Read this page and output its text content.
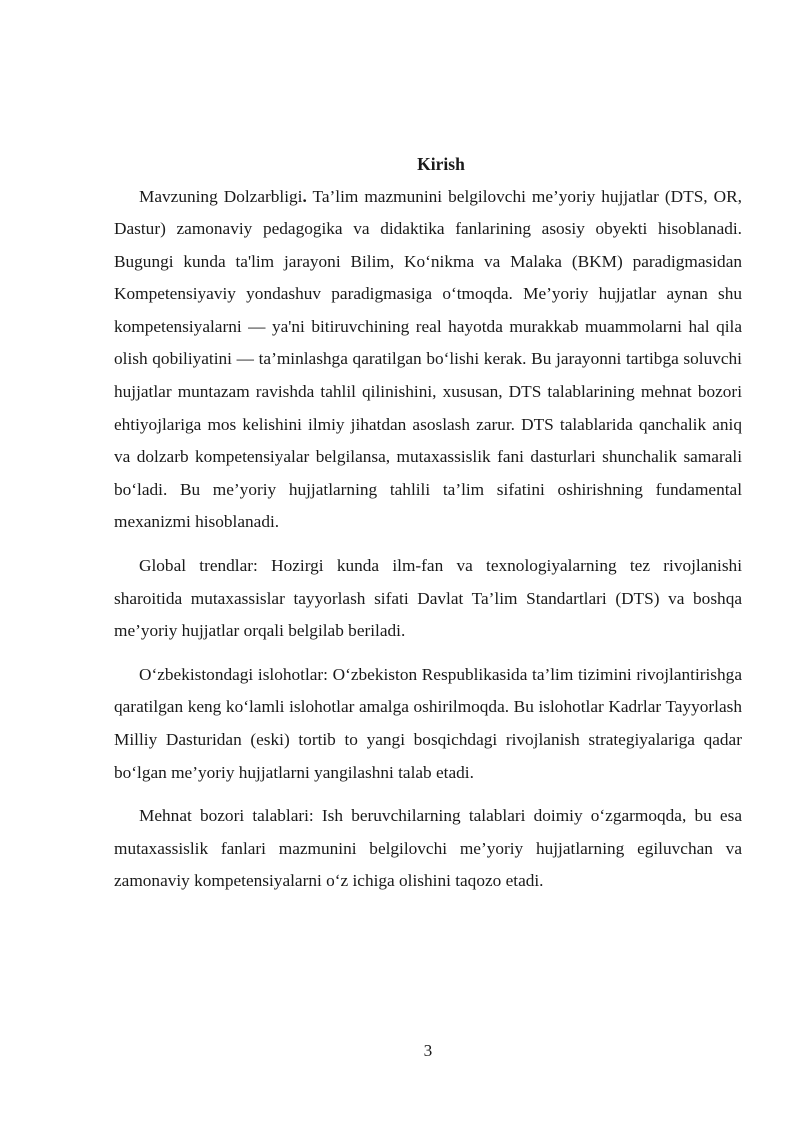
Kirish

Mavzuning Dolzarbligi. Ta’lim mazmunini belgilovchi me’yoriy hujjatlar (DTS, OR, Dastur) zamonaviy pedagogika va didaktika fanlarining asosiy obyekti hisoblanadi. Bugungi kunda ta'lim jarayoni Bilim, Koʻnikma va Malaka (BKM) paradigmasidan Kompetensiyaviy yondashuv paradigmasiga oʻtmoqda. Me’yoriy hujjatlar aynan shu kompetensiyalarni — ya'ni bitiruvchining real hayotda murakkab muammolarni hal qila olish qobiliyatini — ta’minlashga qaratilgan boʻlishi kerak. Bu jarayonni tartibga soluvchi hujjatlar muntazam ravishda tahlil qilinishini, xususan, DTS talablarining mehnat bozori ehtiyojlariga mos kelishini ilmiy jihatdan asoslash zarur. DTS talablarida qanchalik aniq va dolzarb kompetensiyalar belgilansa, mutaxassislik fani dasturlari shunchalik samarali boʻladi. Bu me’yoriy hujjatlarning tahlili ta’lim sifatini oshirishning fundamental mexanizmi hisoblanadi.

Global trendlar: Hozirgi kunda ilm-fan va texnologiyalarning tez rivojlanishi sharoitida mutaxassislar tayyorlash sifati Davlat Ta’lim Standartlari (DTS) va boshqa me’yoriy hujjatlar orqali belgilab beriladi.

Oʻzbekistondagi islohotlar: Oʻzbekiston Respublikasida ta’lim tizimini rivojlantirishga qaratilgan keng koʻlamli islohotlar amalga oshirilmoqda. Bu islohotlar Kadrlar Tayyorlash Milliy Dasturidan (eski) tortib to yangi bosqichdagi rivojlanish strategiyalariga qadar boʻlgan me’yoriy hujjatlarni yangilashni talab etadi.

Mehnat bozori talablari: Ish beruvchilarning talablari doimiy oʻzgarmoqda, bu esa mutaxassislik fanlari mazmunini belgilovchi me’yoriy hujjatlarning egiluvchan va zamonaviy kompetensiyalarni oʻz ichiga olishini taqozo etadi.

3
